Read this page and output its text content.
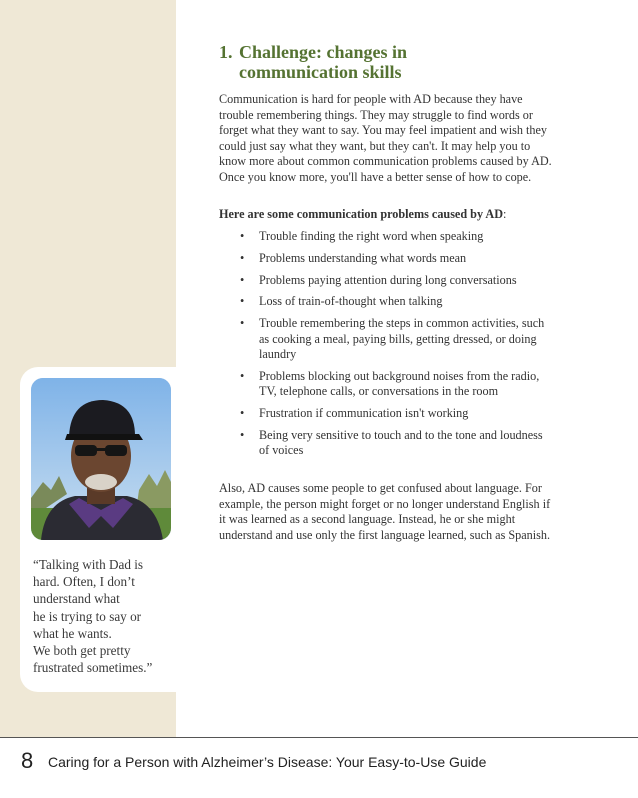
“Talking with Dad is
hard. Often, I don’t
understand what
he is trying to say or
what he wants.
We both get pretty
frustrated sometimes.”
1. Challenge: changes in communication skills
Communication is hard for people with AD because they have trouble remembering things. They may struggle to find words or forget what they want to say. You may feel impatient and wish they could just say what they want, but they can't. It may help you to know more about common communication problems caused by AD. Once you know more, you'll have a better sense of how to cope.
Here are some communication problems caused by AD:
• Trouble finding the right word when speaking
• Problems understanding what words mean
• Problems paying attention during long conversations
• Loss of train-of-thought when talking
• Trouble remembering the steps in common activities, such as cooking a meal, paying bills, getting dressed, or doing laundry
• Problems blocking out background noises from the radio, TV, telephone calls, or conversations in the room
• Frustration if communication isn't working
• Being very sensitive to touch and to the tone and loudness of voices
Also, AD causes some people to get confused about language. For example, the person might forget or no longer understand English if it was learned as a second language. Instead, he or she might understand and use only the first language learned, such as Spanish.
8 Caring for a Person with Alzheimer’s Disease: Your Easy-to-Use Guide
